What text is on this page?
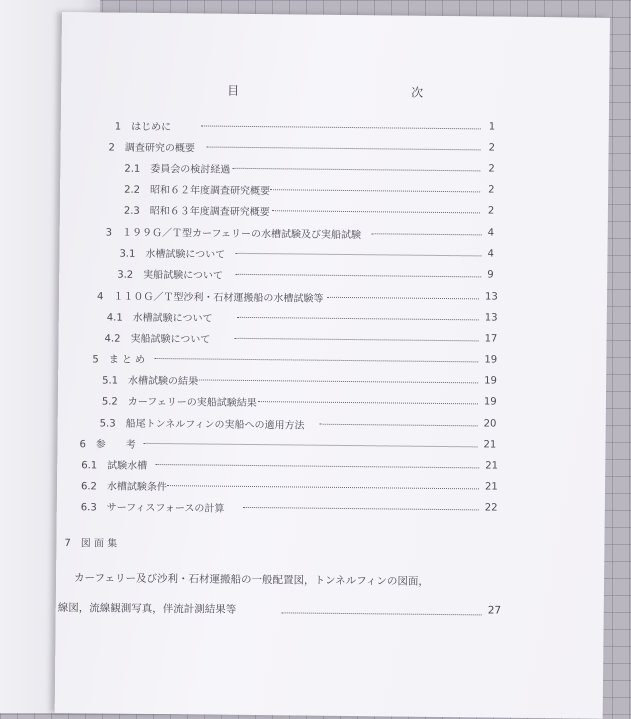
目　次
1　はじめに	1
2　調査研究の概要	2
2.1　委員会の検討経過	2
2.2　昭和６２年度調査研究概要	2
2.3　昭和６３年度調査研究概要	2
3　１９９Ｇ／Ｔ型カーフェリーの水槽試験及び実船試験	4
3.1　水槽試験について	4
3.2　実船試験について	9
4　１１０Ｇ／Ｔ型沙利・石材運搬船の水槽試験等	13
4.1　水槽試験について	13
4.2　実船試験について	17
5　ま と め	19
5.1　水槽試験の結果	19
5.2　カーフェリーの実船試験結果	19
5.3　船尾トンネルフィンの実船への適用方法	20
6　参　　考	21
6.1　試験水槽	21
6.2　水槽試験条件	21
6.3　サーフィスフォースの計算	22
7　図 面 集
カーフェリー及び沙利・石材運搬船の一般配置図，トンネルフィンの図面，
線図，流線観測写真，伴流計測結果等	27
